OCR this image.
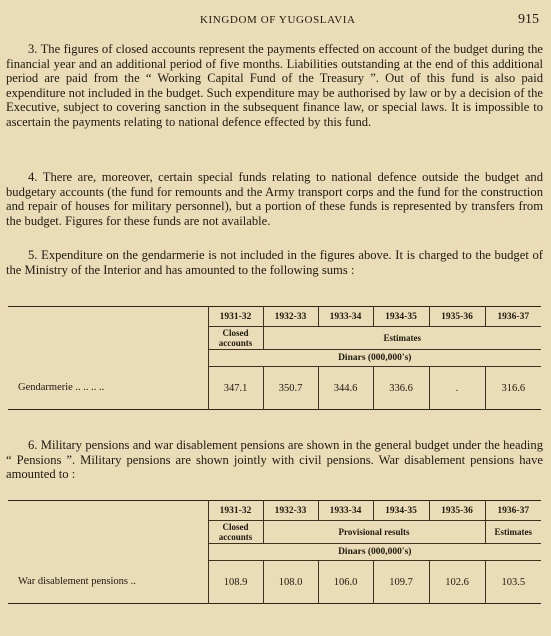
KINGDOM OF YUGOSLAVIA	915

3. The figures of closed accounts represent the payments effected on account of the budget during the financial year and an additional period of five months. Liabilities outstanding at the end of this additional period are paid from the “ Working Capital Fund of the Treasury ”. Out of this fund is also paid expenditure not included in the budget. Such expenditure may be authorised by law or by a decision of the Executive, subject to covering sanction in the subsequent finance law, or special laws. It is impossible to ascertain the payments relating to national defence effected by this fund.

4. There are, moreover, certain special funds relating to national defence outside the budget and budgetary accounts (the fund for remounts and the Army transport corps and the fund for the construction and repair of houses for military personnel), but a portion of these funds is represented by transfers from the budget. Figures for these funds are not available.

5. Expenditure on the gendarmerie is not included in the figures above. It is charged to the budget of the Ministry of the Interior and has amounted to the following sums :

	1931-32	1932-33	1933-34	1934-35	1935-36	1936-37
	Closed accounts	Estimates				
	Dinars (000,000's)					
Gendarmerie .. .. .. ..	347.1	350.7	344.6	336.6	.	316.6

6. Military pensions and war disablement pensions are shown in the general budget under the heading “ Pensions ”. Military pensions are shown jointly with civil pensions. War disablement pensions have amounted to :

	1931-32	1932-33	1933-34	1934-35	1935-36	1936-37
	Closed accounts	Provisional results				Estimates
	Dinars (000,000's)					
War disablement pensions ..	108.9	108.0	106.0	109.7	102.6	103.5
